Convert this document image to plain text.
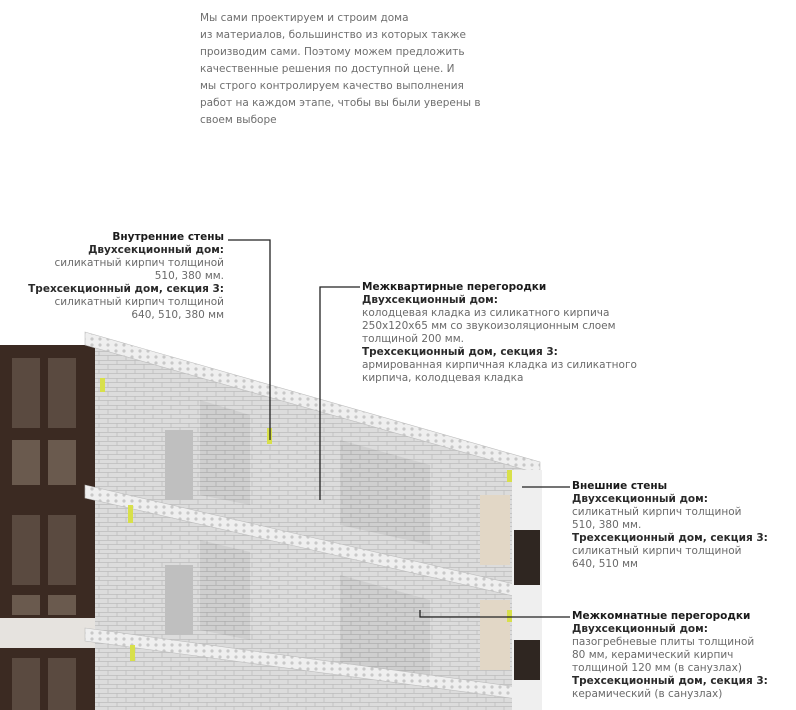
Мы сами проектируем и строим дома
из материалов, большинство из которых также
производим сами. Поэтому можем предложить
качественные решения по доступной цене. И
мы строго контролируем качество выполнения
работ на каждом этапе, чтобы вы были уверены в
своем выборе
Внутренние стены
Двухсекционный дом:
силикатный кирпич толщиной
510, 380 мм.
Трехсекционный дом, секция 3:
силикатный кирпич толщиной
640, 510, 380 мм
Межквартирные перегородки
Двухсекционный дом:
колодцевая кладка из силикатного кирпича
250х120х65 мм со звукоизоляционным слоем
толщиной 200 мм.
Трехсекционный дом, секция 3:
армированная кирпичная кладка из силикатного
кирпича, колодцевая кладка
Внешние стены
Двухсекционный дом:
силикатный кирпич толщиной
510, 380 мм.
Трехсекционный дом, секция 3:
силикатный кирпич толщиной
640, 510 мм
Межкомнатные перегородки
Двухсекционный дом:
пазогребневые плиты толщиной
80 мм, керамический кирпич
толщиной 120 мм (в санузлах)
Трехсекционный дом, секция 3:
керамический (в санузлах)
